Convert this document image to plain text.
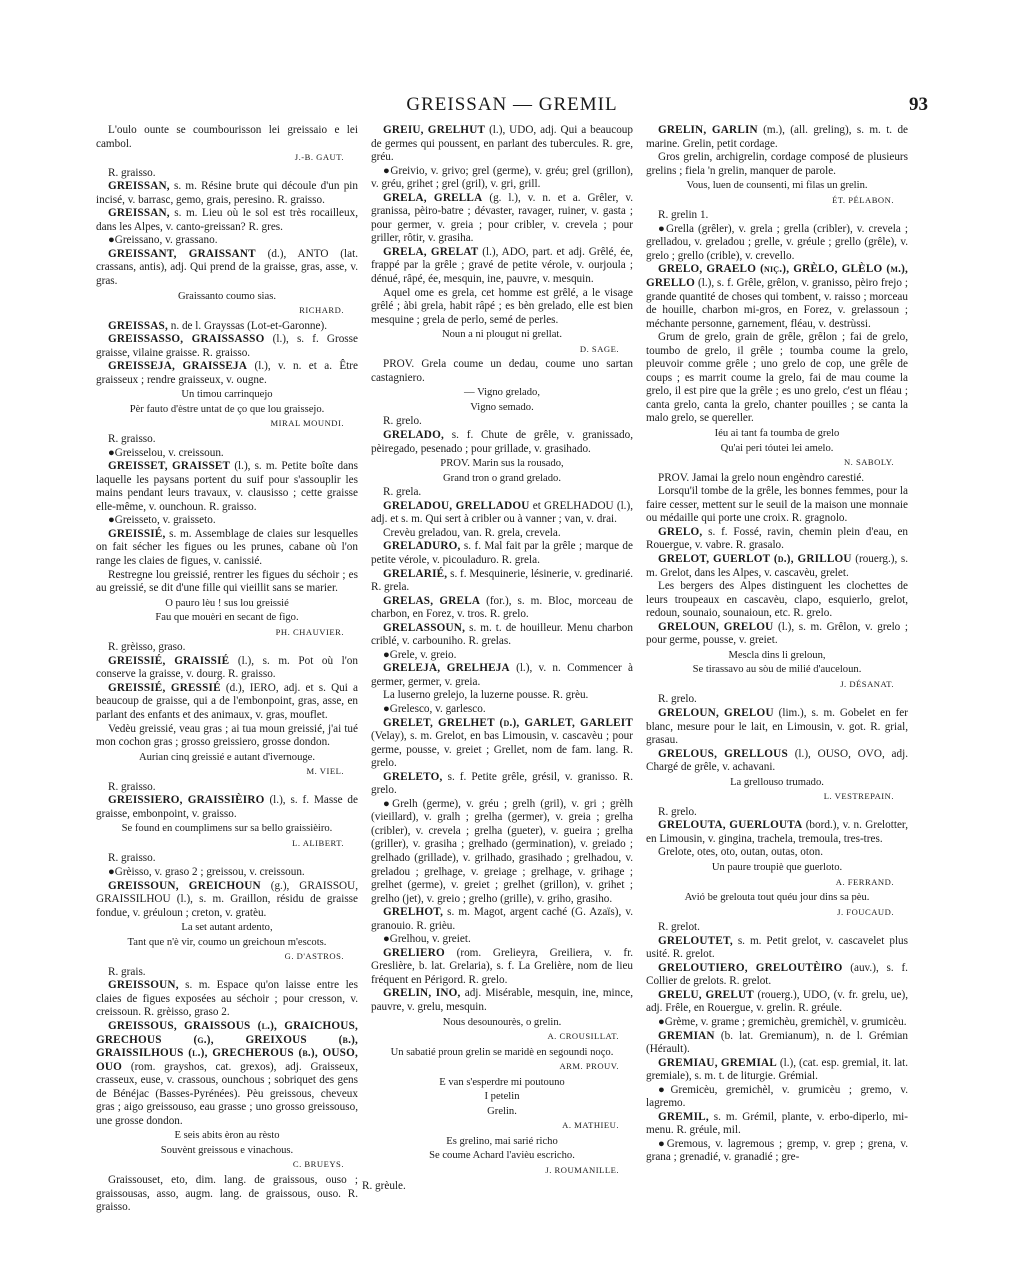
GREISSAN — GREMIL	93

L'oulo ounte se coumbourisson lei greissaio e lei cambol.

J.-B. GAUT.

R. graisso.

GREISSAN, s. m. Résine brute qui découle d'un pin incisé, v. barrasc, gemo, grais, peresino. R. graisso.

GREISSAN, s. m. Lieu où le sol est très rocailleux, dans les Alpes, v. canto-greissan? R. gres.

●Greissano, v. grassano.

GREISSANT, GRAISSANT (d.), ANTO (lat. crassans, antis), adj. Qui prend de la graisse, gras, asse, v. gras.

Graissanto coumo sias.

RICHARD.

GREISSAS, n. de l. Grayssas (Lot-et-Garonne).

GREISSASSO, GRAISSASSO (l.), s. f. Grosse graisse, vilaine graisse. R. graisso.

GREISSEJA, GRAISSEJA (l.), v. n. et a. Être graisseux ; rendre graisseux, v. ougne.

Un timou carrinquejo

Pèr fauto d'èstre untat de ço que lou graissejo.

MIRAL MOUNDI.

R. graisso.

●Greisselou, v. creissoun.

GREISSET, GRAISSET (l.), s. m. Petite boîte dans laquelle les paysans portent du suif pour s'assouplir les mains pendant leurs travaux, v. clausisso ; cette graisse elle-même, v. ounchoun. R. graisso.

●Greisseto, v. graisseto.

GREISSIÉ, s. m. Assemblage de claies sur lesquelles on fait sécher les figues ou les prunes, cabane où l'on range les claies de figues, v. canissié.

Restregne lou greissié, rentrer les figues du séchoir ; es au greissié, se dit d'une fille qui vieillit sans se marier.

O pauro lèu ! sus lou greissié

Fau que mouèri en secant de figo.

PH. CHAUVIER.

R. grèisso, graso.

GREISSIÉ, GRAISSIÉ (l.), s. m. Pot où l'on conserve la graisse, v. dourg. R. graisso.

GREISSIÉ, GRESSIÉ (d.), IERO, adj. et s. Qui a beaucoup de graisse, qui a de l'embonpoint, gras, asse, en parlant des enfants et des animaux, v. gras, mouflet.

Vedèu greissié, veau gras ; ai tua moun greissié, j'ai tué mon cochon gras ; grosso greissiero, grosse dondon.

Aurian cinq greissié e autant d'ivernouge.

M. VIEL.

R. graisso.

GREISSIERO, GRAISSIÈIRO (l.), s. f. Masse de graisse, embonpoint, v. graisso.

Se found en coumplimens sur sa bello graissièiro.

L. ALIBERT.

R. graisso.

●Grèisso, v. graso 2 ; greissou, v. creissoun.

GREISSOUN, GREICHOUN (g.), GRAISSOU, GRAISSILHOU (l.), s. m. Graillon, résidu de graisse fondue, v. gréuloun ; creton, v. gratèu.

La set autant ardento,

Tant que n'è vir, coumo un greichoun m'escots.

G. D'ASTROS.

R. grais.

GREISSOUN, s. m. Espace qu'on laisse entre les claies de figues exposées au séchoir ; pour cresson, v. creissoun. R. grèisso, graso 2.

GREISSOUS, GRAISSOUS (l.), GRAICHOUS, GRECHOUS (g.), GREIXOUS (b.), GRAISSILHOUS (l.), GRECHEROUS (b.), OUSO, OUO (rom. grayshos, cat. grexos), adj. Graisseux, crasseux, euse, v. crassous, ounchous ; sobriquet des gens de Bénéjac (Basses-Pyrénées). Pèu greissous, cheveux gras ; aigo greissouso, eau grasse ; uno grosso greissouso, une grosse dondon.

E seis abits èron au rèsto

Souvènt greissous e vinachous.

C. BRUEYS.

Graissouset, eto, dim. lang. de graissous, ouso ; graissousas, asso, augm. lang. de graissous, ouso. R. graisso.

GREIU, GRELHUT (l.), UDO, adj. Qui a beaucoup de germes qui poussent, en parlant des tubercules. R. gre, gréu.

●Greivio, v. grivo; grel (germe), v. gréu; grel (grillon), v. gréu, grihet ; grel (gril), v. gri, grill.

GRELA, GRELLA (g. l.), v. n. et a. Grêler, v. granissa, pèiro-batre ; dévaster, ravager, ruiner, v. gasta ; pour germer, v. greia ; pour cribler, v. crevela ; pour griller, rôtir, v. grasiha.

GRELA, GRELAT (l.), ADO, part. et adj. Grêlé, ée, frappé par la grêle ; gravé de petite vérole, v. ourjoula ; dénué, râpé, ée, mesquin, ine, pauvre, v. mesquin.

Aquel ome es grela, cet homme est grêlé, a le visage grêlé ; àbi grela, habit râpé ; es bèn grelado, elle est bien mesquine ; grela de perlo, semé de perles.

Noun a ni plougut ni grellat.

D. SAGE.

PROV. Grela coume un dedau, coume uno sartan castagniero.

— Vigno grelado,

Vigno semado.

R. grelo.

GRELADO, s. f. Chute de grêle, v. granissado, pèiregado, pesenado ; pour grillade, v. grasihado.

PROV. Marin sus la rousado,

Grand tron o grand grelado.

R. grela.

GRELADOU, GRELLADOU et GRELHADOU (l.), adj. et s. m. Qui sert à cribler ou à vanner ; van, v. drai.

Crevèu greladou, van. R. grela, crevela.

GRELADURO, s. f. Mal fait par la grêle ; marque de petite vérole, v. picouladuro. R. grela.

GRELARIÉ, s. f. Mesquinerie, lésinerie, v. gredinarié. R. grela.

GRELAS, GRELA (for.), s. m. Bloc, morceau de charbon, en Forez, v. tros. R. grelo.

GRELASSOUN, s. m. t. de houilleur. Menu charbon criblé, v. carbouniho. R. grelas.

●Grele, v. greio.

GRELEJA, GRELHEJA (l.), v. n. Commencer à germer, germer, v. greia.

La luserno grelejo, la luzerne pousse. R. grèu.

●Grelesco, v. garlesco.

GRELET, GRELHET (d.), GARLET, GARLEIT (Velay), s. m. Grelot, en bas Limousin, v. cascavèu ; pour germe, pousse, v. greiet ; Grellet, nom de fam. lang. R. grelo.

GRELETO, s. f. Petite grêle, grésil, v. granisso. R. grelo.

●Grelh (germe), v. gréu ; grelh (gril), v. gri ; grèlh (vieillard), v. gralh ; grelha (germer), v. greia ; grelha (cribler), v. crevela ; grelha (gueter), v. gueira ; grelha (griller), v. grasiha ; grelhado (germination), v. greiado ; grelhado (grillade), v. grilhado, grasihado ; grelhadou, v. greladou ; grelhage, v. greiage ; grelhage, v. grihage ; grelhet (germe), v. greiet ; grelhet (grillon), v. grihet ; grelho (jet), v. greio ; grelho (grille), v. griho, grasiho.

GRELHOT, s. m. Magot, argent caché (G. Azaïs), v. granouio. R. grièu.

●Grelhou, v. greiet.

GRELIERO (rom. Grelieyra, Greiliera, v. fr. Greslière, b. lat. Grelaria), s. f. La Grelière, nom de lieu fréquent en Périgord. R. grelo.

GRELIN, INO, adj. Misérable, mesquin, ine, mince, pauvre, v. grelu, mesquin.

Nous desounourès, o grelin.

A. CROUSILLAT.

Un sabatié proun grelin se maridè en segoundi noço.

ARM. PROUV.

E van s'esperdre mi poutouno

I petelin

Grelin.

A. MATHIEU.

Es grelino, mai sarié richo

Se coume Achard l'avièu escricho.

J. ROUMANILLE.

GRELIN, GARLIN (m.), (all. greling), s. m. t. de marine. Grelin, petit cordage.

Gros grelin, archigrelin, cordage composé de plusieurs grelins ; fiela 'n grelin, manquer de parole.

Vous, luen de counsenti, mi filas un grelin.

ÉT. PÉLABON.

R. grelin 1.

●Grella (grêler), v. grela ; grella (cribler), v. crevela ; grelladou, v. greladou ; grelle, v. gréule ; grello (grêle), v. grelo ; grello (crible), v. crevello.

GRELO, GRAELO (niç.), GRÈLO, GLÈLO (m.), GRELLO (l.), s. f. Grêle, grêlon, v. granisso, pèiro frejo ; grande quantité de choses qui tombent, v. raisso ; morceau de houille, charbon mi-gros, en Forez, v. grelassoun ; méchante personne, garnement, fléau, v. destrùssi.

Grum de grelo, grain de grêle, grêlon ; fai de grelo, toumbo de grelo, il grêle ; toumba coume la grelo, pleuvoir comme grêle ; uno grelo de cop, une grêle de coups ; es marrit coume la grelo, fai de mau coume la grelo, il est pire que la grêle ; es uno grelo, c'est un fléau ; canta grelo, canta la grelo, chanter pouilles ; se canta la malo grelo, se quereller.

Iéu ai tant fa toumba de grelo

Qu'ai peri tóutei lei amelo.

N. SABOLY.

PROV. Jamai la grelo noun engèndro carestié.

Lorsqu'il tombe de la grêle, les bonnes femmes, pour la faire cesser, mettent sur le seuil de la maison une monnaie ou médaille qui porte une croix. R. gragnolo.

GRELO, s. f. Fossé, ravin, chemin plein d'eau, en Rouergue, v. vabre. R. grasalo.

GRELOT, GUERLOT (d.), GRILLOU (rouerg.), s. m. Grelot, dans les Alpes, v. cascavèu, grelet.

Les bergers des Alpes distinguent les clochettes de leurs troupeaux en cascavèu, clapo, esquierlo, grelot, redoun, sounaio, sounaioun, etc. R. grelo.

GRELOUN, GRELOU (l.), s. m. Grêlon, v. grelo ; pour germe, pousse, v. greiet.

Mescla dins li greloun,

Se tirassavo au sòu de milié d'auceloun.

J. DÉSANAT.

R. grelo.

GRELOUN, GRELOU (lim.), s. m. Gobelet en fer blanc, mesure pour le lait, en Limousin, v. got. R. grial, grasau.

GRELOUS, GRELLOUS (l.), OUSO, OVO, adj. Chargé de grêle, v. achavani.

La grellouso trumado.

L. VESTREPAIN.

R. grelo.

GRELOUTA, GUERLOUTA (bord.), v. n. Grelotter, en Limousin, v. gingina, trachela, tremoula, tres-tres.

Grelote, otes, oto, outan, outas, oton.

Un paure troupiè que guerloto.

A. FERRAND.

Avió be grelouta tout quéu jour dins sa pèu.

J. FOUCAUD.

R. grelot.

GRELOUTET, s. m. Petit grelot, v. cascavelet plus usité. R. grelot.

GRELOUTIERO, GRELOUTÈIRO (auv.), s. f. Collier de grelots. R. grelot.

GRELU, GRELUT (rouerg.), UDO, (v. fr. grelu, ue), adj. Frêle, en Rouergue, v. grelin. R. gréule.

●Grème, v. grame ; gremichèu, gremichèl, v. grumicèu.

GREMIAN (b. lat. Gremianum), n. de l. Grémian (Hérault).

GREMIAU, GREMIAL (l.), (cat. esp. gremial, it. lat. gremiale), s. m. t. de liturgie. Grémial.

●Gremicèu, gremichèl, v. grumicèu ; gremo, v. lagremo.

GREMIL, s. m. Grémil, plante, v. erbo-diperlo, mi-menu. R. gréule, mil.

●Gremous, v. lagremous ; gremp, v. grep ; grena, v. grana ; grenadié, v. granadié ; gre-

R. grèule.
